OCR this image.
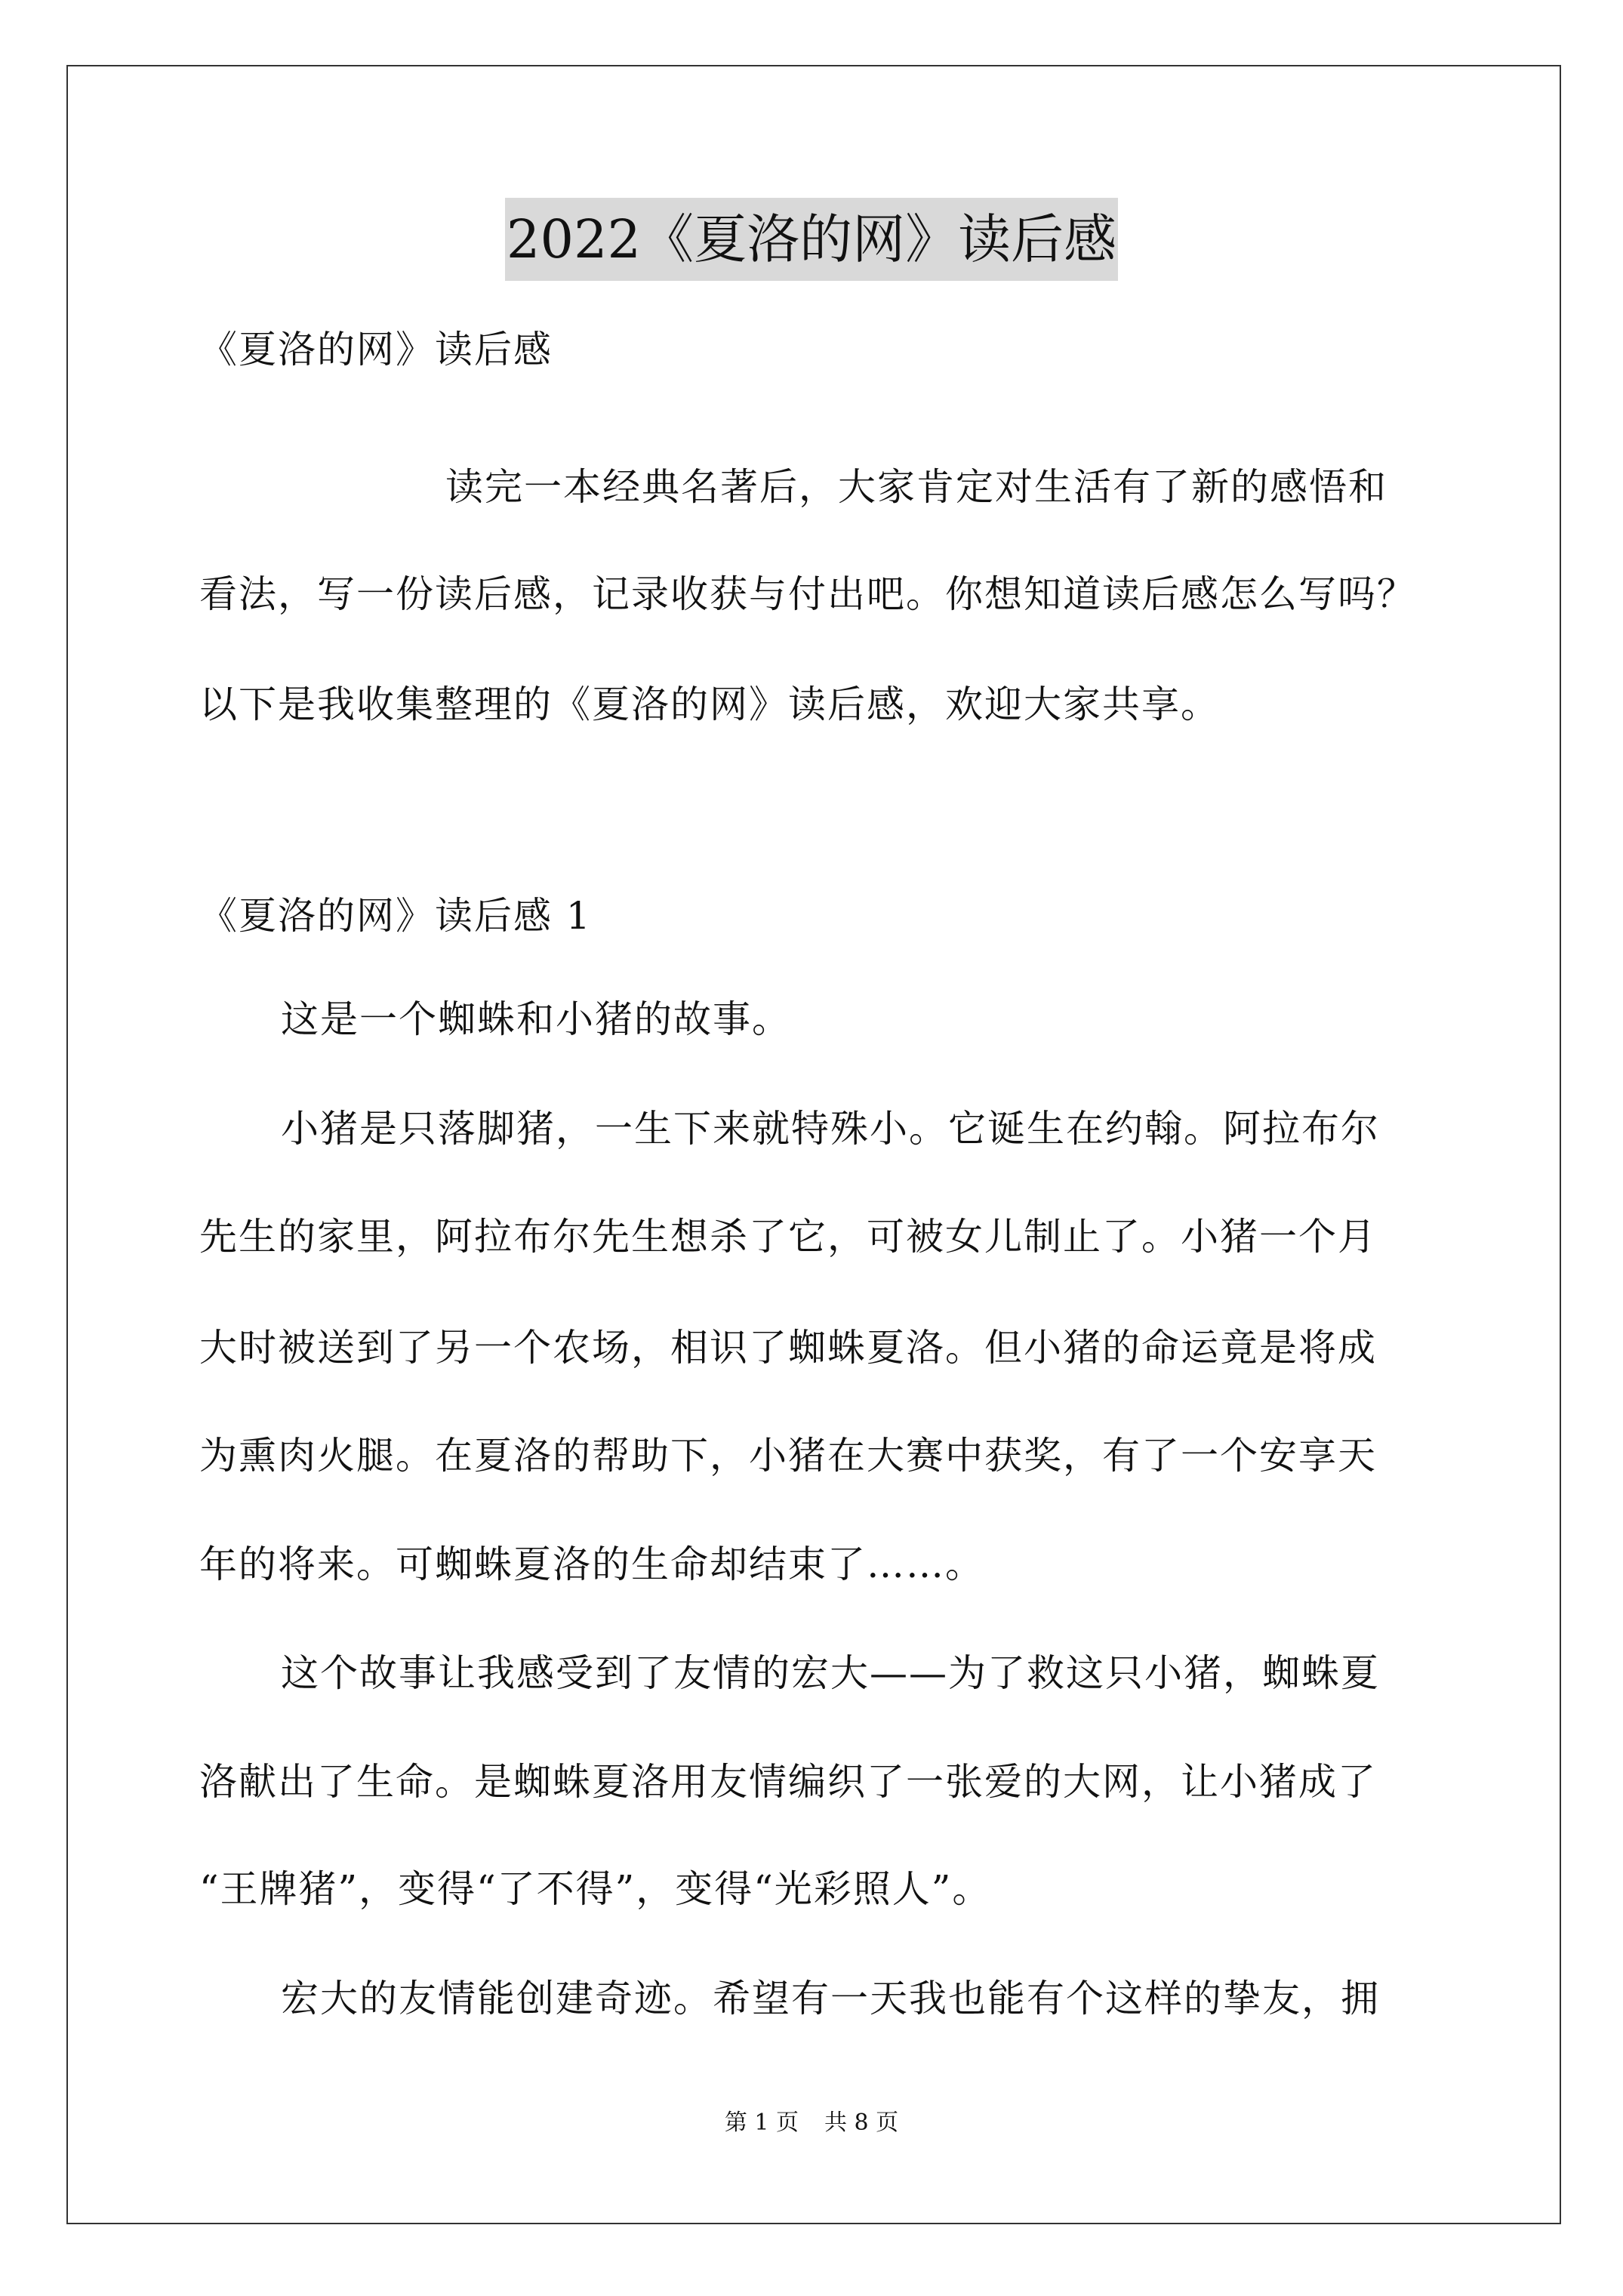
2022《夏洛的网》读后感
《夏洛的网》读后感
读完一本经典名著后，大家肯定对生活有了新的感悟和
看法，写一份读后感，记录收获与付出吧。你想知道读后感怎么写吗？
以下是我收集整理的《夏洛的网》读后感，欢迎大家共享。
《夏洛的网》读后感 1
这是一个蜘蛛和小猪的故事。
小猪是只落脚猪，一生下来就特殊小。它诞生在约翰。阿拉布尔
先生的家里，阿拉布尔先生想杀了它，可被女儿制止了。小猪一个月
大时被送到了另一个农场，相识了蜘蛛夏洛。但小猪的命运竟是将成
为熏肉火腿。在夏洛的帮助下，小猪在大赛中获奖，有了一个安享天
年的将来。可蜘蛛夏洛的生命却结束了……。
这个故事让我感受到了友情的宏大——为了救这只小猪，蜘蛛夏
洛献出了生命。是蜘蛛夏洛用友情编织了一张爱的大网，让小猪成了
“王牌猪”，变得“了不得”，变得“光彩照人”。
宏大的友情能创建奇迹。希望有一天我也能有个这样的挚友，拥
第 1 页 共 8 页
